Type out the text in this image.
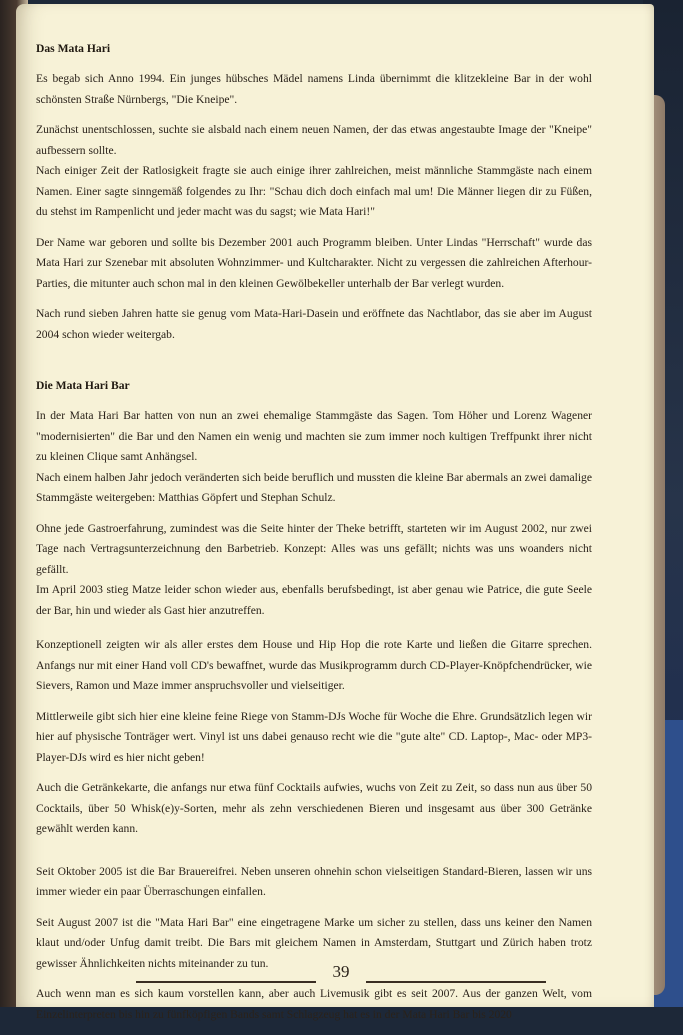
Das Mata Hari

Es begab sich Anno 1994. Ein junges hübsches Mädel namens Linda übernimmt die klitzekleine Bar in der wohl schönsten Straße Nürnbergs, "Die Kneipe".

Zunächst unentschlossen, suchte sie alsbald nach einem neuen Namen, der das etwas angestaubte Image der "Kneipe" aufbessern sollte.
Nach einiger Zeit der Ratlosigkeit fragte sie auch einige ihrer zahlreichen, meist männliche Stammgäste nach einem Namen. Einer sagte sinngemäß folgendes zu Ihr: "Schau dich doch einfach mal um! Die Männer liegen dir zu Füßen, du stehst im Rampenlicht und jeder macht was du sagst; wie Mata Hari!"

Der Name war geboren und sollte bis Dezember 2001 auch Programm bleiben. Unter Lindas "Herrschaft" wurde das Mata Hari zur Szenebar mit absoluten Wohnzimmer- und Kultcharakter. Nicht zu vergessen die zahlreichen Afterhour-Parties, die mitunter auch schon mal in den kleinen Gewölbekeller unterhalb der Bar verlegt wurden.

Nach rund sieben Jahren hatte sie genug vom Mata-Hari-Dasein und eröffnete das Nachtlabor, das sie aber im August 2004 schon wieder weitergab.

Die Mata Hari Bar

In der Mata Hari Bar hatten von nun an zwei ehemalige Stammgäste das Sagen. Tom Höher und Lorenz Wagener "modernisierten" die Bar und den Namen ein wenig und machten sie zum immer noch kultigen Treffpunkt ihrer nicht zu kleinen Clique samt Anhängsel.
Nach einem halben Jahr jedoch veränderten sich beide beruflich und mussten die kleine Bar abermals an zwei damalige Stammgäste weitergeben: Matthias Göpfert und Stephan Schulz.

Ohne jede Gastroerfahrung, zumindest was die Seite hinter der Theke betrifft, starteten wir im August 2002, nur zwei Tage nach Vertragsunterzeichnung den Barbetrieb. Konzept: Alles was uns gefällt; nichts was uns woanders nicht gefällt.
Im April 2003 stieg Matze leider schon wieder aus, ebenfalls berufsbedingt, ist aber genau wie Patrice, die gute Seele der Bar, hin und wieder als Gast hier anzutreffen.

Konzeptionell zeigten wir als aller erstes dem House und Hip Hop die rote Karte und ließen die Gitarre sprechen. Anfangs nur mit einer Hand voll CD's bewaffnet, wurde das Musikprogramm durch CD-Player-Knöpfchendrücker, wie Sievers, Ramon und Maze immer anspruchsvoller und vielseitiger.

Mittlerweile gibt sich hier eine kleine feine Riege von Stamm-DJs Woche für Woche die Ehre. Grundsätzlich legen wir hier auf physische Tonträger wert. Vinyl ist uns dabei genauso recht wie die "gute alte" CD. Laptop-, Mac- oder MP3-Player-DJs wird es hier nicht geben!

Auch die Getränkekarte, die anfangs nur etwa fünf Cocktails aufwies, wuchs von Zeit zu Zeit, so dass nun aus über 50 Cocktails, über 50 Whisk(e)y-Sorten, mehr als zehn verschiedenen Bieren und insgesamt aus über 300 Getränke gewählt werden kann.

Seit Oktober 2005 ist die Bar Brauereifrei. Neben unseren ohnehin schon vielseitigen Standard-Bieren, lassen wir uns immer wieder ein paar Überraschungen einfallen.

Seit August 2007 ist die "Mata Hari Bar" eine eingetragene Marke um sicher zu stellen, dass uns keiner den Namen klaut und/oder Unfug damit treibt. Die Bars mit gleichem Namen in Amsterdam, Stuttgart und Zürich haben trotz gewisser Ähnlichkeiten nichts miteinander zu tun.

Auch wenn man es sich kaum vorstellen kann, aber auch Livemusik gibt es seit 2007. Aus der ganzen Welt, vom Einzelinterpreten bis hin zu fünfköpfigen Bands samt Schlagzeug hat es in der Mata Hari Bar bis 2020

39
